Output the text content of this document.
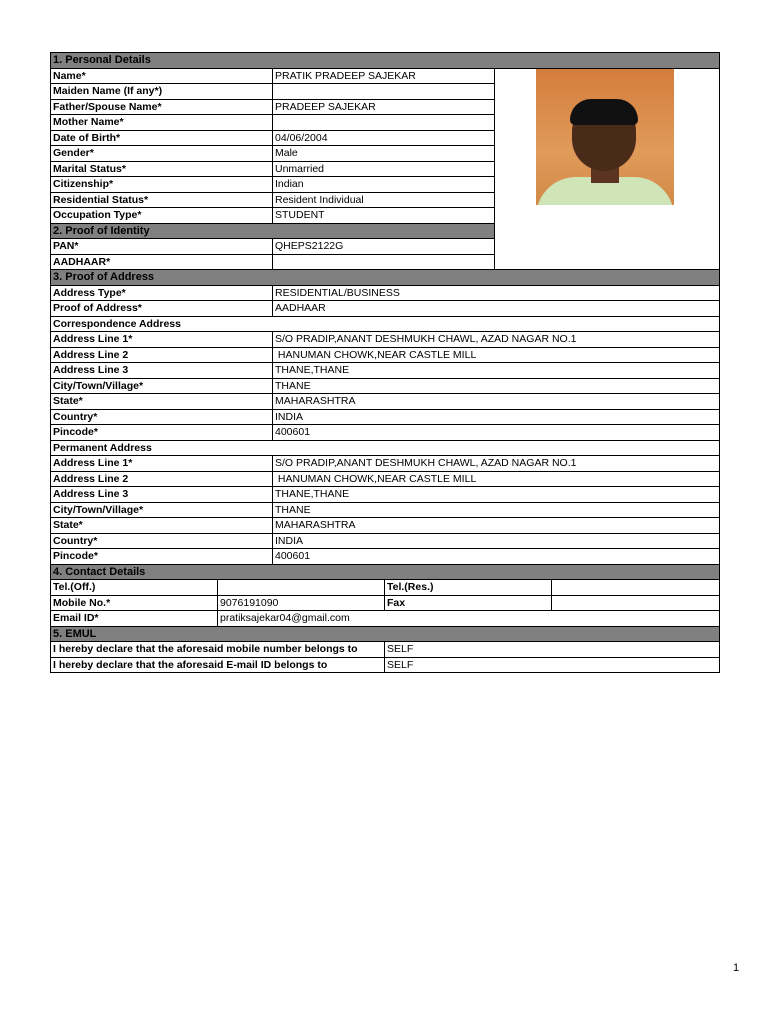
1. Personal Details		
Name*	PRATIK PRADEEP SAJEKAR	

Maiden Name (If any*)		
Father/Spouse Name*	PRADEEP SAJEKAR	
Mother Name*		
Date of Birth*	04/06/2004	
Gender*	Male	
Marital Status*	Unmarried	
Citizenship*	Indian	
Residential Status*	Resident Individual	
Occupation Type*	STUDENT	
2. Proof of Identity		
PAN*	QHEPS2122G	
AADHAAR*		
3. Proof of Address		
Address Type*	RESIDENTIAL/BUSINESS	
Proof of Address*	AADHAAR	
Correspondence Address		
Address Line 1*	S/O PRADIP,ANANT DESHMUKH CHAWL, AZAD NAGAR NO.1	
Address Line 2	HANUMAN CHOWK,NEAR CASTLE MILL	
Address Line 3	THANE,THANE	
City/Town/Village*	THANE	
State*	MAHARASHTRA	
Country*	INDIA	
Pincode*	400601	
Permanent Address		
Address Line 1*	S/O PRADIP,ANANT DESHMUKH CHAWL, AZAD NAGAR NO.1	
Address Line 2	HANUMAN CHOWK,NEAR CASTLE MILL	
Address Line 3	THANE,THANE	
City/Town/Village*	THANE	
State*	MAHARASHTRA	
Country*	INDIA	
Pincode*	400601	
4. Contact Details			
Tel.(Off.)		Tel.(Res.)	
Mobile No.*	9076191090	Fax	
Email ID*	pratiksajekar04@gmail.com		
5. EMUL	
I hereby declare that the aforesaid mobile number belongs to	SELF
I hereby declare that the aforesaid E-mail ID belongs to	SELF
1
